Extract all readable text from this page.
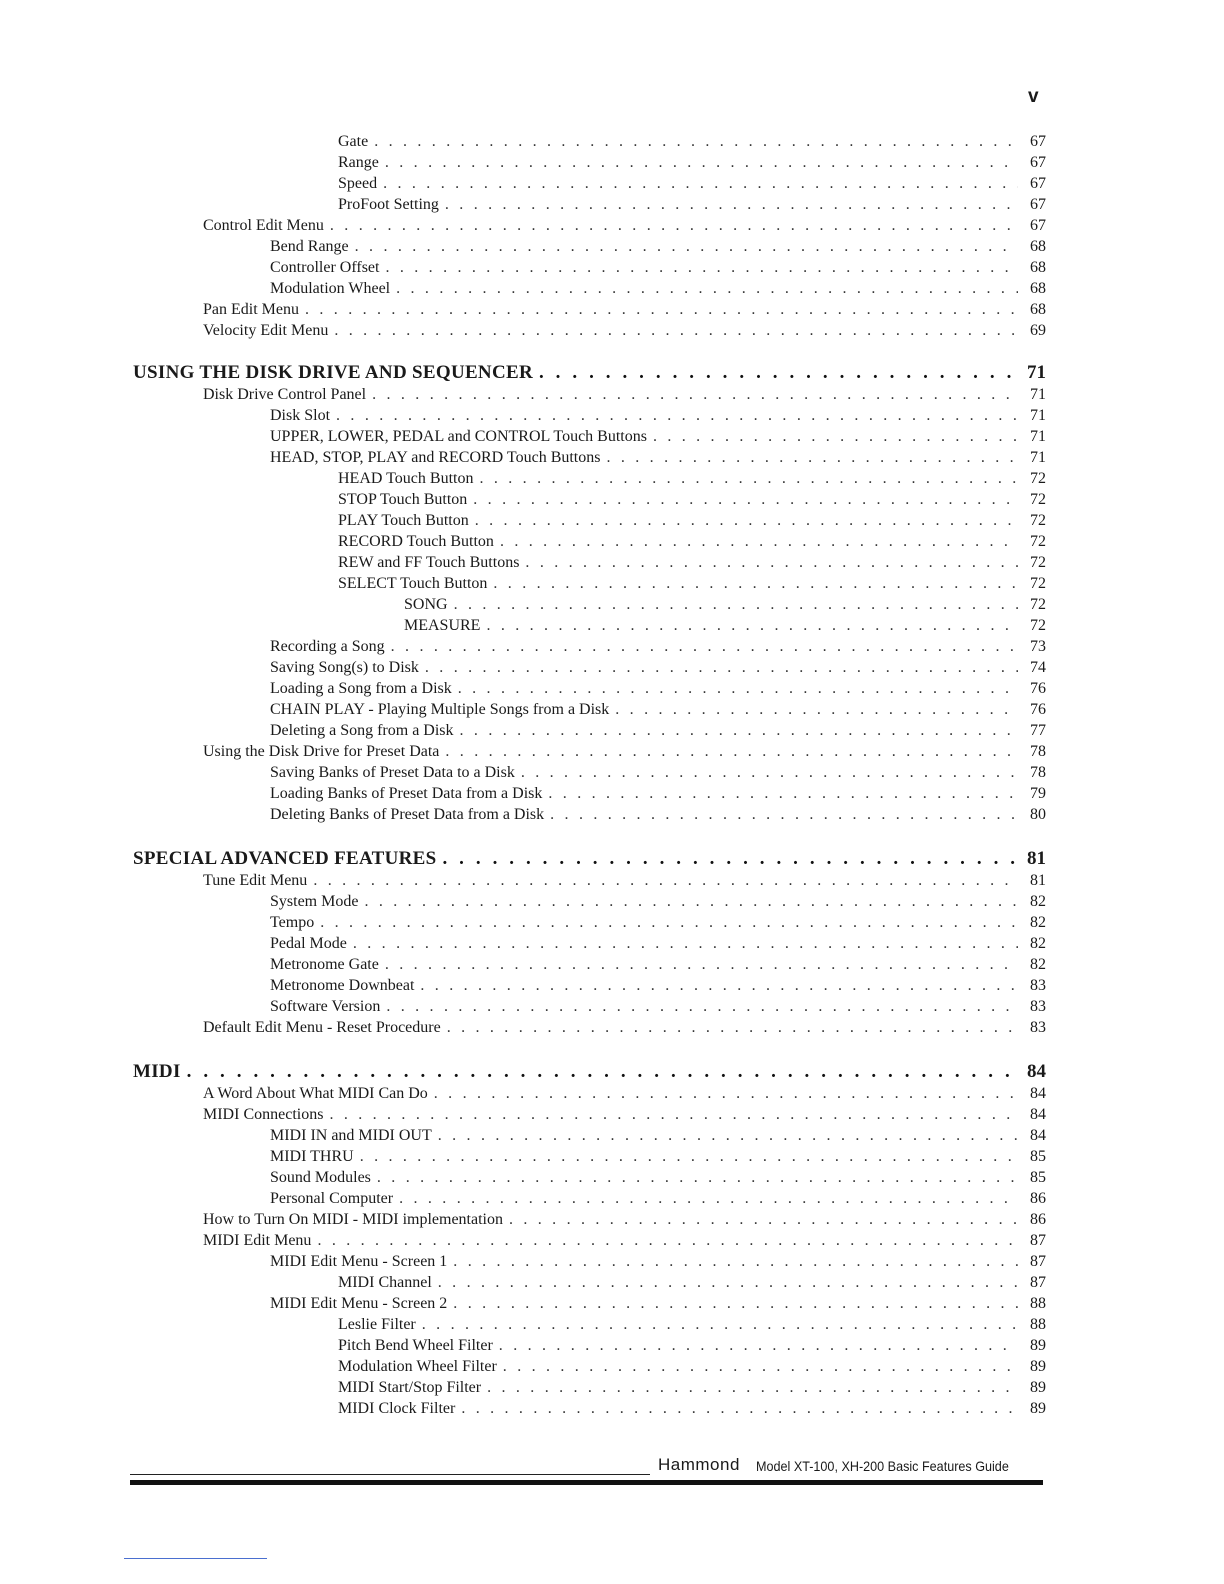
v
Gate . . .	67
Range . . .	67
Speed . . .	67
ProFoot Setting . . .	67
Control Edit Menu . . .	67
Bend Range . . .	68
Controller Offset . . .	68
Modulation Wheel . . .	68
Pan Edit Menu . . .	68
Velocity Edit Menu . . .	69
USING THE DISK DRIVE AND SEQUENCER . . .	71
Disk Drive Control Panel . . .	71
Disk Slot . . .	71
UPPER, LOWER, PEDAL and CONTROL Touch Buttons . . .	71
HEAD, STOP, PLAY and RECORD Touch Buttons . . .	71
HEAD Touch Button . . .	72
STOP Touch Button . . .	72
PLAY Touch Button . . .	72
RECORD Touch Button . . .	72
REW and FF Touch Buttons . . .	72
SELECT Touch Button . . .	72
SONG . . .	72
MEASURE . . .	72
Recording a Song . . .	73
Saving Song(s) to Disk . . .	74
Loading a Song from a Disk . . .	76
CHAIN PLAY - Playing Multiple Songs from a Disk . . .	76
Deleting a Song from a Disk . . .	77
Using the Disk Drive for Preset Data . . .	78
Saving Banks of Preset Data to a Disk . . .	78
Loading Banks of Preset Data from a Disk . . .	79
Deleting Banks of Preset Data from a Disk . . .	80
SPECIAL ADVANCED FEATURES . . .	81
Tune Edit Menu . . .	81
System Mode . . .	82
Tempo . . .	82
Pedal Mode . . .	82
Metronome Gate . . .	82
Metronome Downbeat . . .	83
Software Version . . .	83
Default Edit Menu - Reset Procedure . . .	83
MIDI . . .	84
A Word About What MIDI Can Do . . .	84
MIDI Connections . . .	84
MIDI IN and MIDI OUT . . .	84
MIDI THRU . . .	85
Sound Modules . . .	85
Personal Computer . . .	86
How to Turn On MIDI - MIDI implementation . . .	86
MIDI Edit Menu . . .	87
MIDI Edit Menu - Screen 1 . . .	87
MIDI Channel . . .	87
MIDI Edit Menu - Screen 2 . . .	88
Leslie Filter . . .	88
Pitch Bend Wheel Filter . . .	89
Modulation Wheel Filter . . .	89
MIDI Start/Stop Filter . . .	89
MIDI Clock Filter . . .	89
Hammond Model XT-100, XH-200 Basic Features Guide
